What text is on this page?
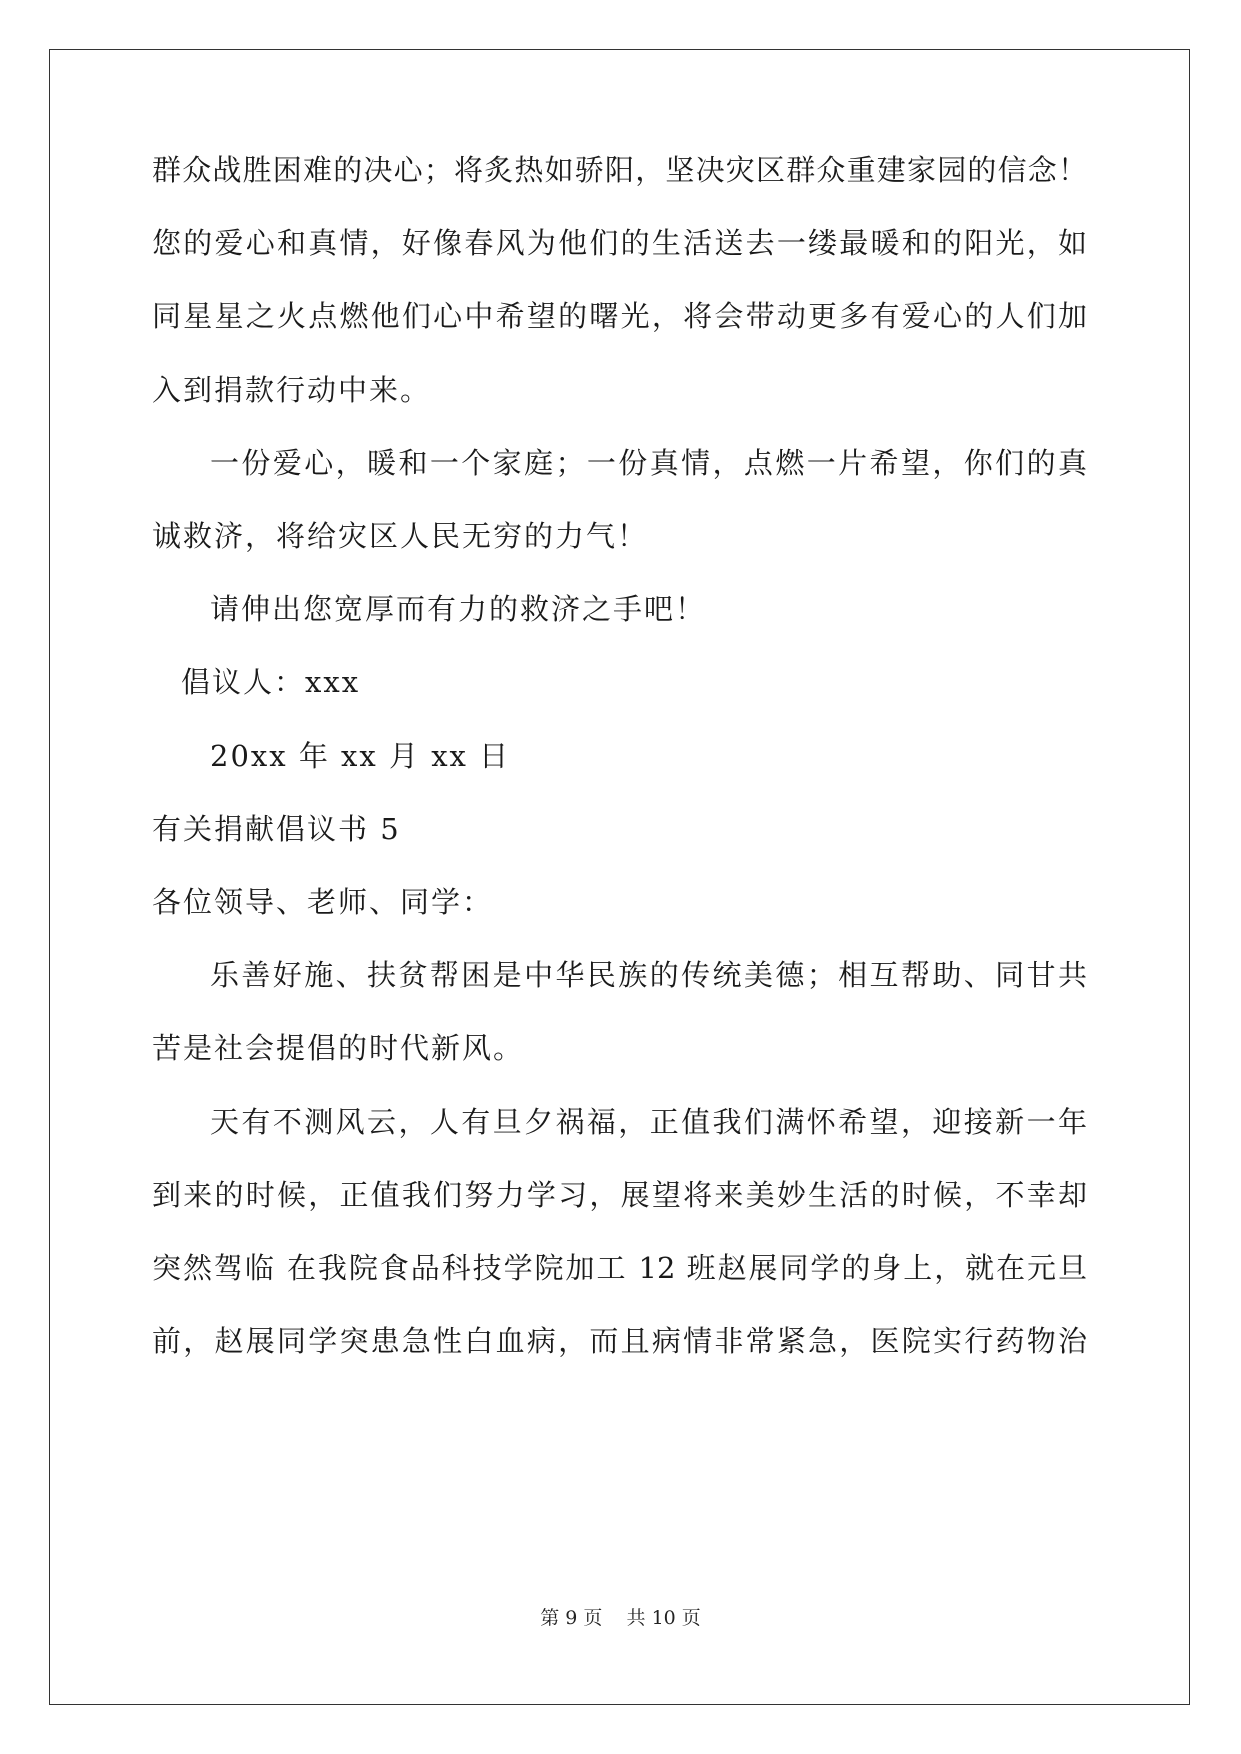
群众战胜困难的决心；将炙热如骄阳，坚决灾区群众重建家园的信念！
您的爱心和真情，好像春风为他们的生活送去一缕最暖和的阳光，如
同星星之火点燃他们心中希望的曙光，将会带动更多有爱心的人们加
入到捐款行动中来。
一份爱心，暖和一个家庭；一份真情，点燃一片希望，你们的真
诚救济，将给灾区人民无穷的力气！
请伸出您宽厚而有力的救济之手吧！
倡议人：xxx
20xx 年 xx 月 xx 日
有关捐献倡议书 5
各位领导、老师、同学：
乐善好施、扶贫帮困是中华民族的传统美德；相互帮助、同甘共
苦是社会提倡的时代新风。
天有不测风云，人有旦夕祸福，正值我们满怀希望，迎接新一年
到来的时候，正值我们努力学习，展望将来美妙生活的时候，不幸却
突然驾临 在我院食品科技学院加工 12 班赵展同学的身上，就在元旦
前，赵展同学突患急性白血病，而且病情非常紧急，医院实行药物治
第 9 页    共 10 页
